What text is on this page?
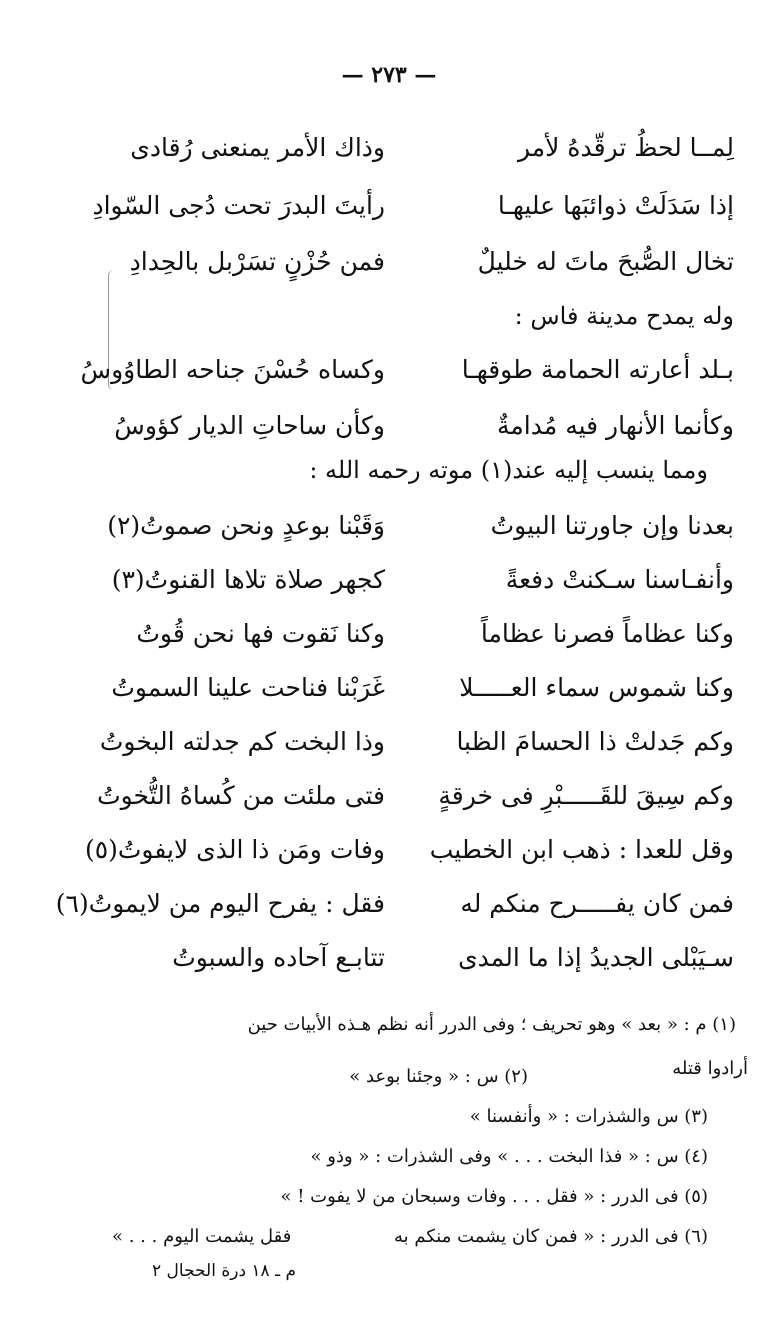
— ٢٧٣ —
لِمــا لحظُ ترقّدهُ لأمر
وذاك الأمر يمنعنى رُقادى
إذا سَدَلَتْ ذوائبَها عليهـا
رأيتَ البدرَ تحت دُجى السّوادِ
تخال الصُّبحَ ماتَ له خليلٌ
فمن حُزْنٍ تسَرْبل بالحِدادِ
وله يمدح مدينة فاس :
بـلد أعارته الحمامة طوقهـا
وكساه حُسْنَ جناحه الطاوُوسُ
وكأنما الأنهار فيه مُدامةٌ
وكأن ساحاتِ الديار كؤوسُ
ومما ينسب إليه عند(١) موته رحمه الله :
بعدنا وإن جاورتنا البيوتُ
وَقَبْنا بوعدٍ ونحن صموتُ(٢)
وأنفـاسنا سـكنتْ دفعةً
كجهر صلاة تلاها القنوتُ(٣)
وكنا عظاماً فصرنا عظاماً
وكنا نَقوت فها نحن قُوتُ
وكنا شموس سماء العـــــلا
غَرَبْنا فناحت علينا السموتُ
وكم جَدلتْ ذا الحسامَ الظبا
وذا البخت كم جدلته البخوتُ
وكم سِيقَ للقَـــــبْرِ فى خرقةٍ
فتى ملئت من كُساهُ التُّخوتُ
وقل للعدا : ذهب ابن الخطيب
وفات ومَن ذا الذى لايفوتُ(٥)
فمن كان يفـــــرح منكم له
فقل : يفرح اليوم من لايموتُ(٦)
سـيَبْلى الجديدُ إذا ما المدى
تتابـع آحاده والسبوتُ
(١) م : « بعد » وهو تحريف ؛ وفى الدرر أنه نظم هـذه الأبيات حين
أرادوا قتله
(٢) س : « وجئنا بوعد »
(٣) س والشذرات : « وأنفسنا »
(٤) س : « فذا البخت . . . » وفى الشذرات : « وذو »
(٥) فى الدرر : « فقل . . . وفات وسبحان من لا يفوت ! »
(٦) فى الدرر : « فمن كان يشمت منكم به
فقل يشمت اليوم . . . »
م ـ ١٨ درة الحجال ٢
